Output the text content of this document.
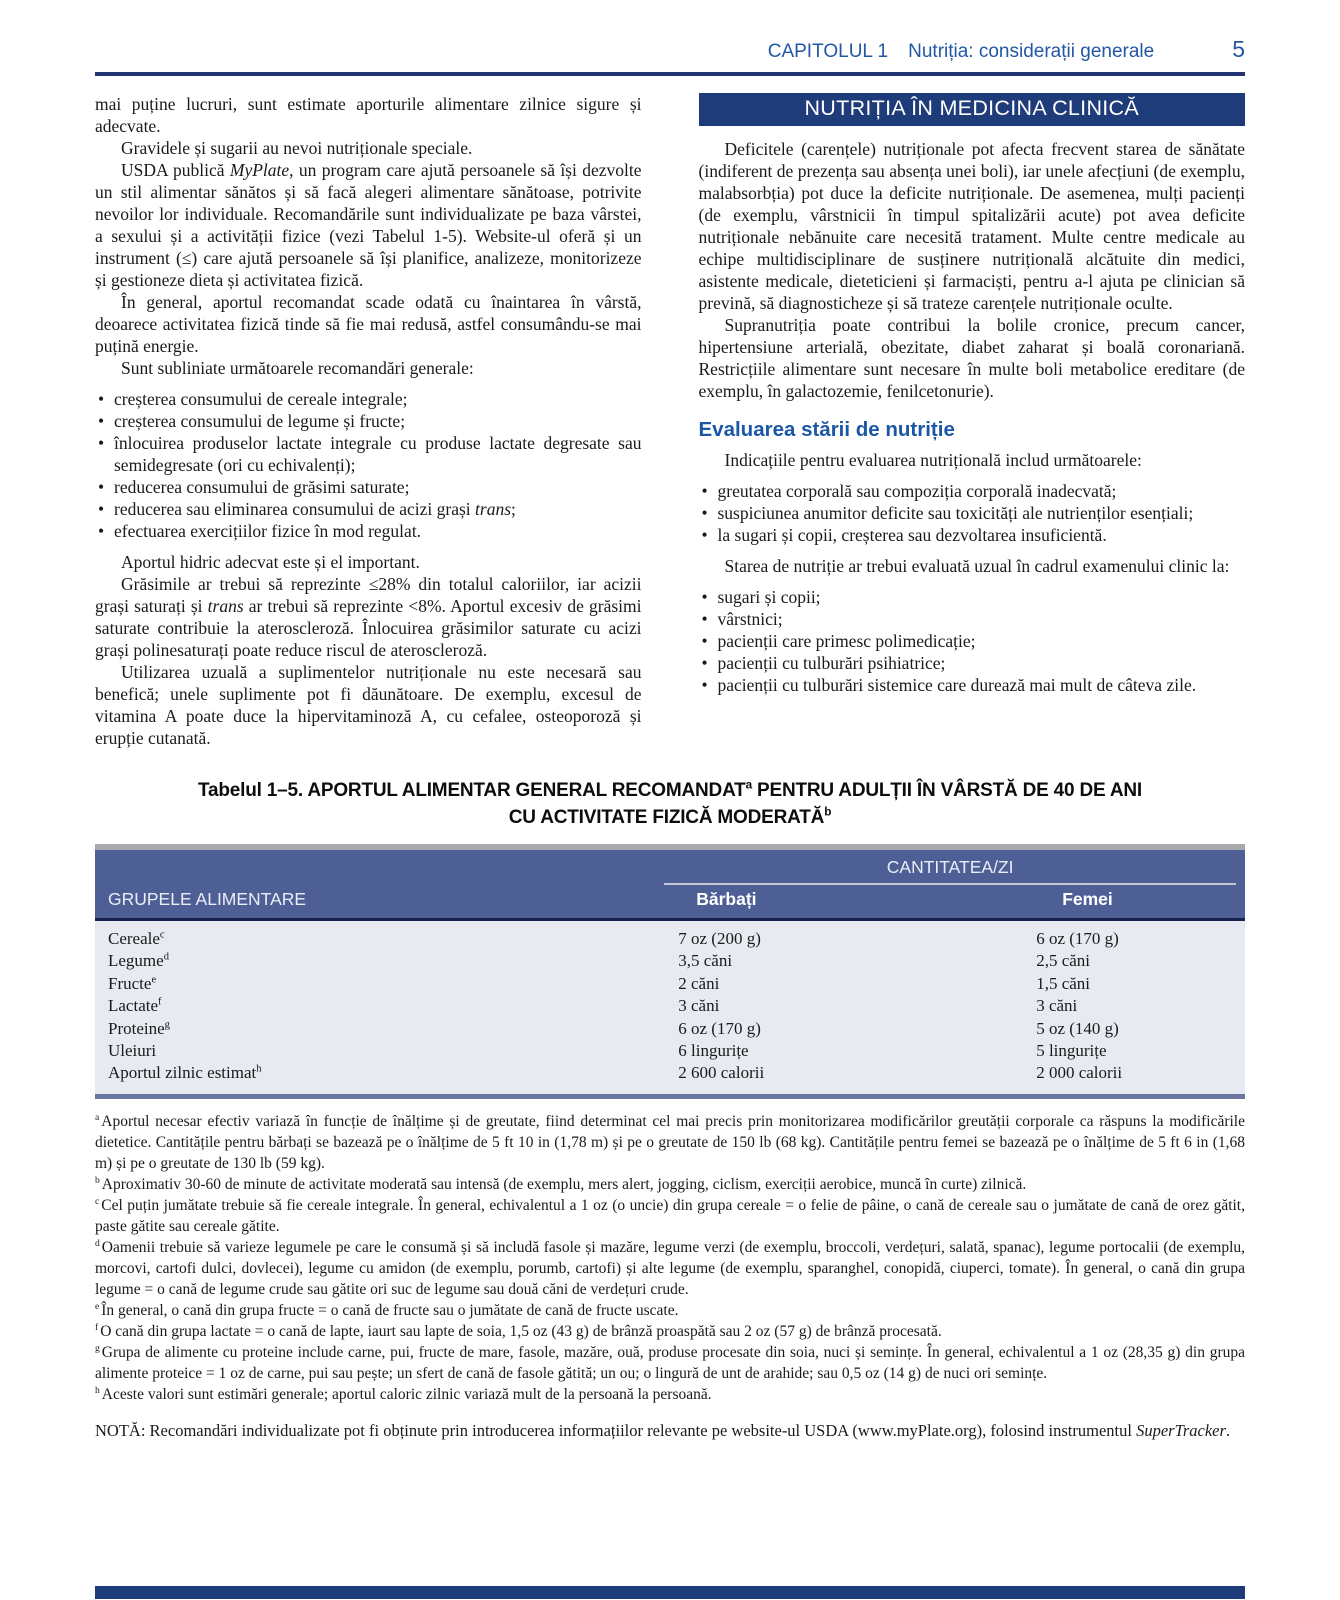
CAPITOLUL 1 Nutriția: considerații generale	5

mai puține lucruri, sunt estimate aporturile alimentare zilnice sigure și adecvate.

Gravidele și sugarii au nevoi nutriționale speciale.

USDA publică MyPlate, un program care ajută persoanele să își dezvolte un stil alimentar sănătos și să facă alegeri alimentare sănătoase, potrivite nevoilor lor individuale. Recomandările sunt individualizate pe baza vârstei, a sexului și a activității fizice (vezi Tabelul 1-5). Website-ul oferă și un instrument (≤) care ajută persoanele să își planifice, analizeze, monitorizeze și gestioneze dieta și activitatea fizică.

În general, aportul recomandat scade odată cu înaintarea în vârstă, deoarece activitatea fizică tinde să fie mai redusă, astfel consumându-se mai puțină energie.

Sunt subliniate următoarele recomandări generale:

• creșterea consumului de cereale integrale;
• creșterea consumului de legume și fructe;
• înlocuirea produselor lactate integrale cu produse lactate degresate sau semidegresate (ori cu echivalenți);
• reducerea consumului de grăsimi saturate;
• reducerea sau eliminarea consumului de acizi grași trans;
• efectuarea exercițiilor fizice în mod regulat.

Aportul hidric adecvat este și el important.

Grăsimile ar trebui să reprezinte ≤28% din totalul caloriilor, iar acizii grași saturați și trans ar trebui să reprezinte <8%. Aportul excesiv de grăsimi saturate contribuie la ateroscleroză. Înlocuirea grăsimilor saturate cu acizi grași polinesaturați poate reduce riscul de ateroscleroză.

Utilizarea uzuală a suplimentelor nutriționale nu este necesară sau benefică; unele suplimente pot fi dăunătoare. De exemplu, excesul de vitamina A poate duce la hipervitaminoză A, cu cefalee, osteoporoză și erupție cutanată.

NUTRIȚIA ÎN MEDICINA CLINICĂ

Deficitele (carențele) nutriționale pot afecta frecvent starea de sănătate (indiferent de prezența sau absența unei boli), iar unele afecțiuni (de exemplu, malabsorbția) pot duce la deficite nutriționale. De asemenea, mulți pacienți (de exemplu, vârstnicii în timpul spitalizării acute) pot avea deficite nutriționale nebănuite care necesită tratament. Multe centre medicale au echipe multidisciplinare de susținere nutrițională alcătuite din medici, asistente medicale, dieteticieni și farmaciști, pentru a-l ajuta pe clinician să prevină, să diagnosticheze și să trateze carențele nutriționale oculte.

Supranutriția poate contribui la bolile cronice, precum cancer, hipertensiune arterială, obezitate, diabet zaharat și boală coronariană. Restricțiile alimentare sunt necesare în multe boli metabolice ereditare (de exemplu, în galactozemie, fenilcetonurie).

Evaluarea stării de nutriție

Indicațiile pentru evaluarea nutrițională includ următoarele:

• greutatea corporală sau compoziția corporală inadecvată;
• suspiciunea anumitor deficite sau toxicități ale nutrienților esențiali;
• la sugari și copii, creșterea sau dezvoltarea insuficientă.

Starea de nutriție ar trebui evaluată uzual în cadrul examenului clinic la:

• sugari și copii;
• vârstnici;
• pacienții care primesc polimedicație;
• pacienții cu tulburări psihiatrice;
• pacienții cu tulburări sistemice care durează mai mult de câteva zile.
Tabelul 1–5. APORTUL ALIMENTAR GENERAL RECOMANDAT$^a$ PENTRU ADULȚII ÎN VÂRSTĂ DE 40 DE ANI
CU ACTIVITATE FIZICĂ MODERATĂ$^b$
CANTITATEA/ZI
GRUPELE ALIMENTARE	Bărbați	Femei
Cereale$^c$	7 oz (200 g)	6 oz (170 g)
Legume$^d$	3,5 căni	2,5 căni
Fructe$^e$	2 căni	1,5 căni
Lactate$^f$	3 căni	3 căni
Proteine$^g$	6 oz (170 g)	5 oz (140 g)
Uleiuri	6 lingurițe	5 lingurițe
Aportul zilnic estimat$^h$	2 600 calorii	2 000 calorii
$^a$ Aportul necesar efectiv variază în funcție de înălțime și de greutate, fiind determinat cel mai precis prin monitorizarea modificărilor greutății corporale ca răspuns la modificările dietetice. Cantitățile pentru bărbați se bazează pe o înălțime de 5 ft 10 in (1,78 m) și pe o greutate de 150 lb (68 kg). Cantitățile pentru femei se bazează pe o înălțime de 5 ft 6 in (1,68 m) și pe o greutate de 130 lb (59 kg).
$^b$ Aproximativ 30-60 de minute de activitate moderată sau intensă (de exemplu, mers alert, jogging, ciclism, exerciții aerobice, muncă în curte) zilnică.
$^c$ Cel puțin jumătate trebuie să fie cereale integrale. În general, echivalentul a 1 oz (o uncie) din grupa cereale = o felie de pâine, o cană de cereale sau o jumătate de cană de orez gătit, paste gătite sau cereale gătite.
$^d$ Oamenii trebuie să varieze legumele pe care le consumă și să includă fasole și mazăre, legume verzi (de exemplu, broccoli, verdețuri, salată, spanac), legume portocalii (de exemplu, morcovi, cartofi dulci, dovlecei), legume cu amidon (de exemplu, porumb, cartofi) și alte legume (de exemplu, sparanghel, conopidă, ciuperci, tomate). În general, o cană din grupa legume = o cană de legume crude sau gătite ori suc de legume sau două căni de verdețuri crude.
$^e$ În general, o cană din grupa fructe = o cană de fructe sau o jumătate de cană de fructe uscate.
$^f$ O cană din grupa lactate = o cană de lapte, iaurt sau lapte de soia, 1,5 oz (43 g) de brânză proaspătă sau 2 oz (57 g) de brânză procesată.
$^g$ Grupa de alimente cu proteine include carne, pui, fructe de mare, fasole, mazăre, ouă, produse procesate din soia, nuci și semințe. În general, echivalentul a 1 oz (28,35 g) din grupa alimente proteice = 1 oz de carne, pui sau pește; un sfert de cană de fasole gătită; un ou; o lingură de unt de arahide; sau 0,5 oz (14 g) de nuci ori semințe.
$^h$ Aceste valori sunt estimări generale; aportul caloric zilnic variază mult de la persoană la persoană.

NOTĂ: Recomandări individualizate pot fi obținute prin introducerea informațiilor relevante pe website-ul USDA (www.myPlate.org), folosind instrumentul SuperTracker.
